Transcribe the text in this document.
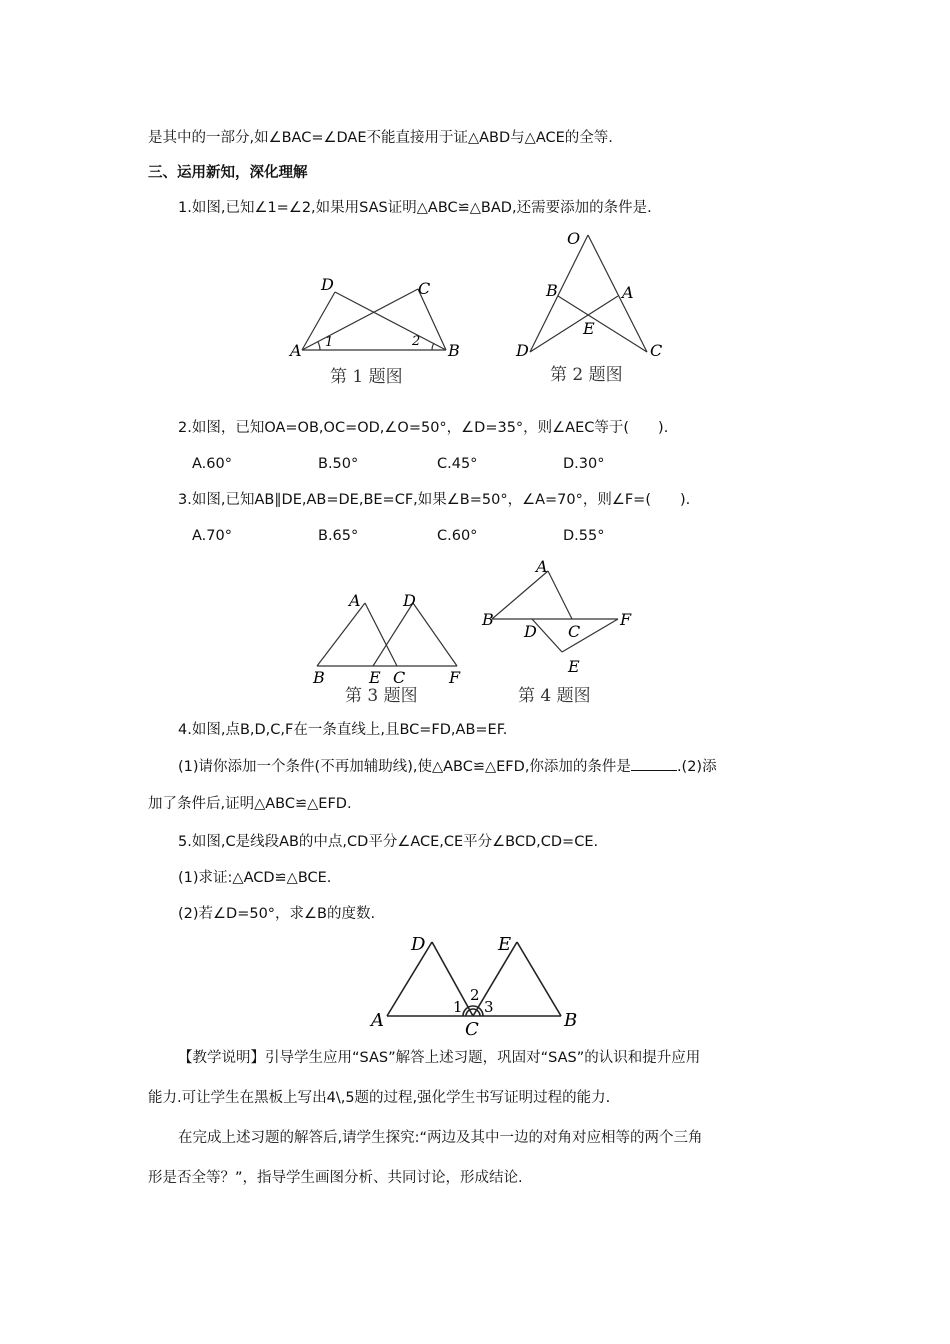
是其中的一部分,如∠BAC=∠DAE不能直接用于证△ABD与△ACE的全等.
三、运用新知，深化理解
1.如图,已知∠1=∠2,如果用SAS证明△ABC≌△BAD,还需要添加的条件是.
D	C
A	B
1	2
第 1 题图
O
B	A
E
D	C
第 2 题图
2.如图，已知OA=OB,OC=OD,∠O=50°，∠D=35°，则∠AEC等于(　　).
A.60°	B.50°	C.45°	D.30°
3.如图,已知AB∥DE,AB=DE,BE=CF,如果∠B=50°，∠A=70°，则∠F=(　　).
A.70°	B.65°	C.60°	D.55°
A	D
B	E C	F
第 3 题图
A
B
D C
F
E
第 4 题图
4.如图,点B,D,C,F在一条直线上,且BC=FD,AB=EF.
(1)请你添加一个条件(不再加辅助线),使△ABC≌△EFD,你添加的条件是	.(2)添
加了条件后,证明△ABC≌△EFD.
5.如图,C是线段AB的中点,CD平分∠ACE,CE平分∠BCD,CD=CE.
(1)求证:△ACD≌△BCE.
(2)若∠D=50°，求∠B的度数.
D	E
A	B
C
1
2
3
【教学说明】引导学生应用“SAS”解答上述习题，巩固对“SAS”的认识和提升应用
能力.可让学生在黑板上写出4\,5题的过程,强化学生书写证明过程的能力.
在完成上述习题的解答后,请学生探究:“两边及其中一边的对角对应相等的两个三角
形是否全等？”，指导学生画图分析、共同讨论，形成结论.
